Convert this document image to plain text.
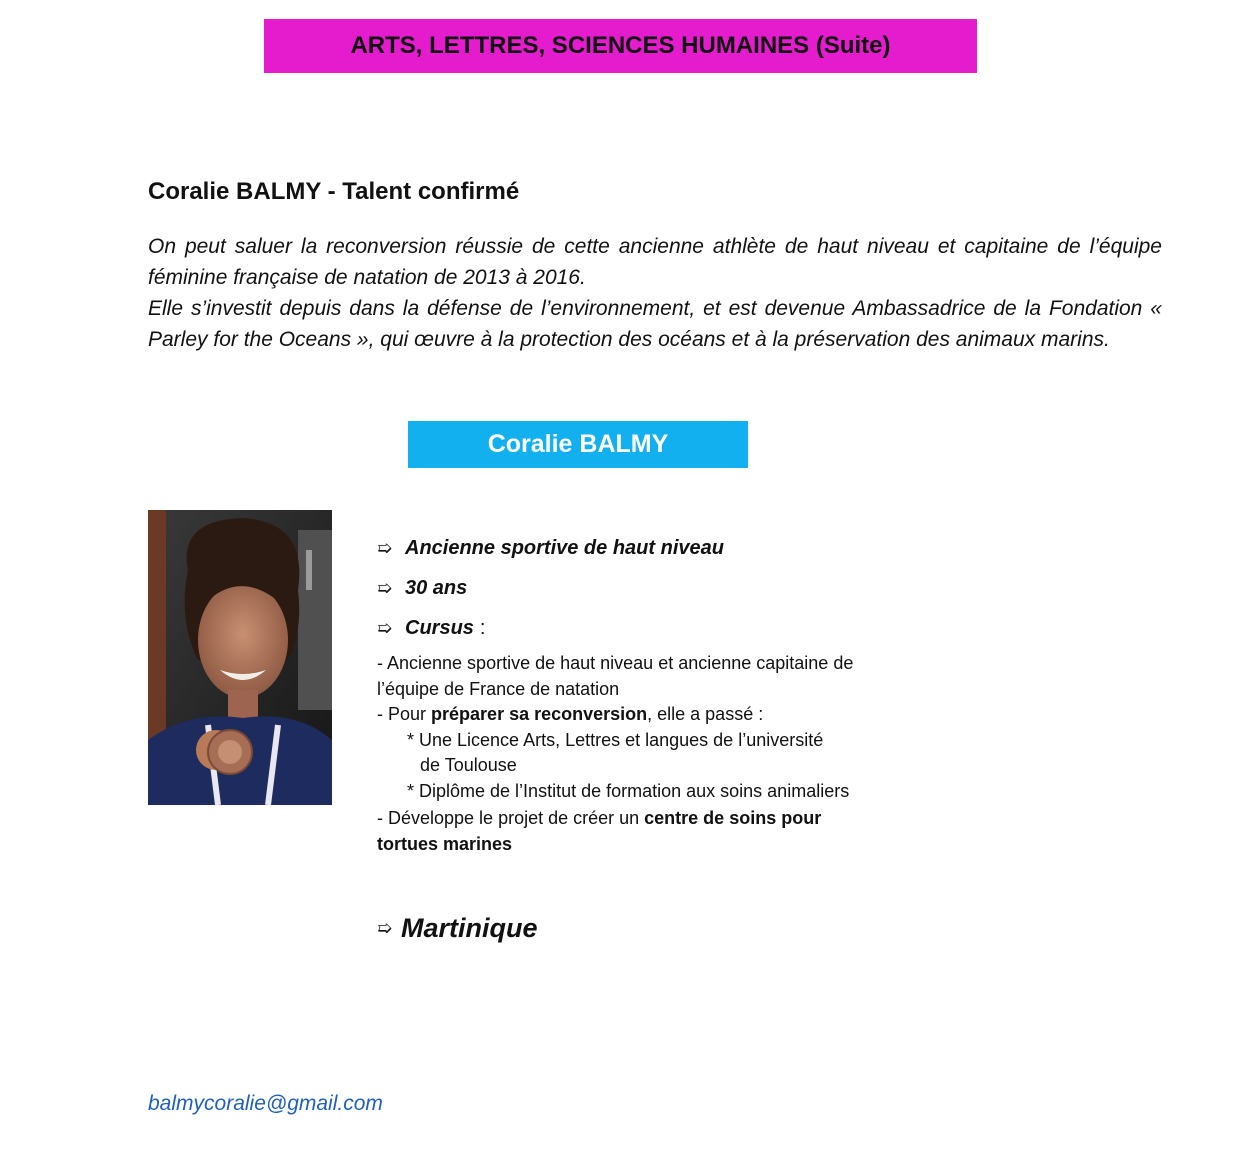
ARTS, LETTRES, SCIENCES HUMAINES (Suite)
Coralie BALMY - Talent confirmé

On peut saluer la reconversion réussie de cette ancienne athlète de haut niveau et capitaine de l’équipe féminine française de natation de 2013 à 2016.

Elle s’investit depuis dans la défense de l’environnement, et est devenue Ambassadrice de la Fondation « Parley for the Oceans », qui œuvre à la protection des océans et à la préservation des animaux marins.

Coralie BALMY
➯ Ancienne sportive de haut niveau
➯ 30 ans
➯ Cursus :
- Ancienne sportive de haut niveau et ancienne capitaine de
l’équipe de France de natation
- Pour préparer sa reconversion, elle a passé :
* Une Licence Arts, Lettres et langues de l’université
de Toulouse
* Diplôme de l’Institut de formation aux soins animaliers
- Développe le projet de créer un centre de soins pour
tortues marines
➯ Martinique
balmycoralie@gmail.com
